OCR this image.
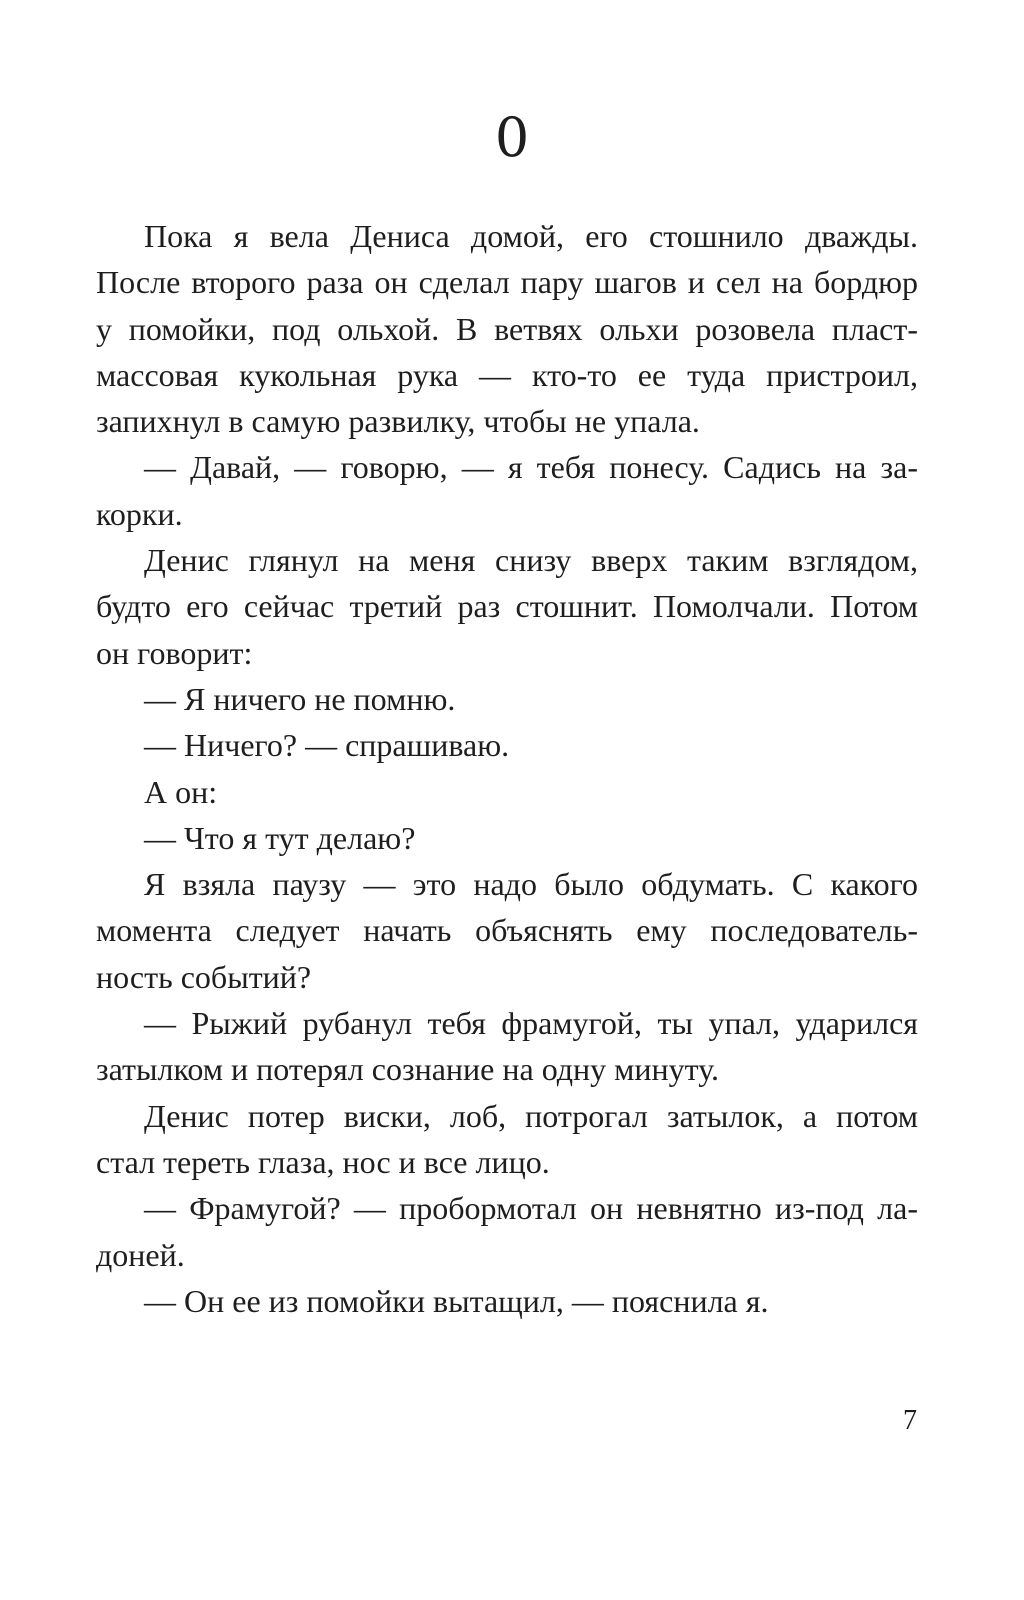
0
Пока я вела Дениса домой, его стошнило дважды.
После второго раза он сделал пару шагов и сел на бордюр
у помойки, под ольхой. В ветвях ольхи розовела пласт-
массовая кукольная рука — кто-то ее туда пристроил,
запихнул в самую развилку, чтобы не упала.
— Давай, — говорю, — я тебя понесу. Садись на за-
корки.
Денис глянул на меня снизу вверх таким взглядом,
будто его сейчас третий раз стошнит. Помолчали. Потом
он говорит:
— Я ничего не помню.
— Ничего? — спрашиваю.
А он:
— Что я тут делаю?
Я взяла паузу — это надо было обдумать. С какого
момента следует начать объяснять ему последователь-
ность событий?
— Рыжий рубанул тебя фрамугой, ты упал, ударился
затылком и потерял сознание на одну минуту.
Денис потер виски, лоб, потрогал затылок, а потом
стал тереть глаза, нос и все лицо.
— Фрамугой? — пробормотал он невнятно из-под ла-
доней.
— Он ее из помойки вытащил, — пояснила я.
7
